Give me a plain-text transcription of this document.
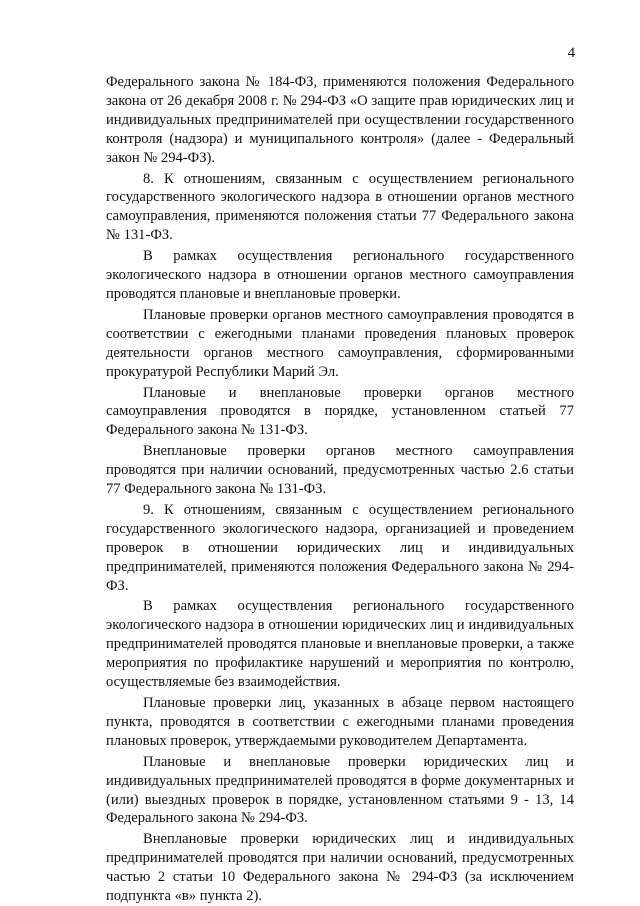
4

Федерального закона № 184-ФЗ, применяются положения Федерального закона от 26 декабря 2008 г. № 294-ФЗ «О защите прав юридических лиц и индивидуальных предпринимателей при осуществлении государственного контроля (надзора) и муниципального контроля» (далее - Федеральный закон № 294-ФЗ).

8. К отношениям, связанным с осуществлением регионального государственного экологического надзора в отношении органов местного самоуправления, применяются положения статьи 77 Федерального закона № 131-ФЗ.

В рамках осуществления регионального государственного экологического надзора в отношении органов местного самоуправления проводятся плановые и внеплановые проверки.

Плановые проверки органов местного самоуправления проводятся в соответствии с ежегодными планами проведения плановых проверок деятельности органов местного самоуправления, сформированными прокуратурой Республики Марий Эл.

Плановые и внеплановые проверки органов местного самоуправления проводятся в порядке, установленном статьей 77 Федерального закона № 131-ФЗ.

Внеплановые проверки органов местного самоуправления проводятся при наличии оснований, предусмотренных частью 2.6 статьи 77 Федерального закона № 131-ФЗ.

9. К отношениям, связанным с осуществлением регионального государственного экологического надзора, организацией и проведением проверок в отношении юридических лиц и индивидуальных предпринимателей, применяются положения Федерального закона № 294-ФЗ.

В рамках осуществления регионального государственного экологического надзора в отношении юридических лиц и индивидуальных предпринимателей проводятся плановые и внеплановые проверки, а также мероприятия по профилактике нарушений и мероприятия по контролю, осуществляемые без взаимодействия.

Плановые проверки лиц, указанных в абзаце первом настоящего пункта, проводятся в соответствии с ежегодными планами проведения плановых проверок, утверждаемыми руководителем Департамента.

Плановые и внеплановые проверки юридических лиц и индивидуальных предпринимателей проводятся в форме документарных и (или) выездных проверок в порядке, установленном статьями 9 - 13, 14 Федерального закона № 294-ФЗ.

Внеплановые проверки юридических лиц и индивидуальных предпринимателей проводятся при наличии оснований, предусмотренных частью 2 статьи 10 Федерального закона № 294-ФЗ (за исключением подпункта «в» пункта 2).
